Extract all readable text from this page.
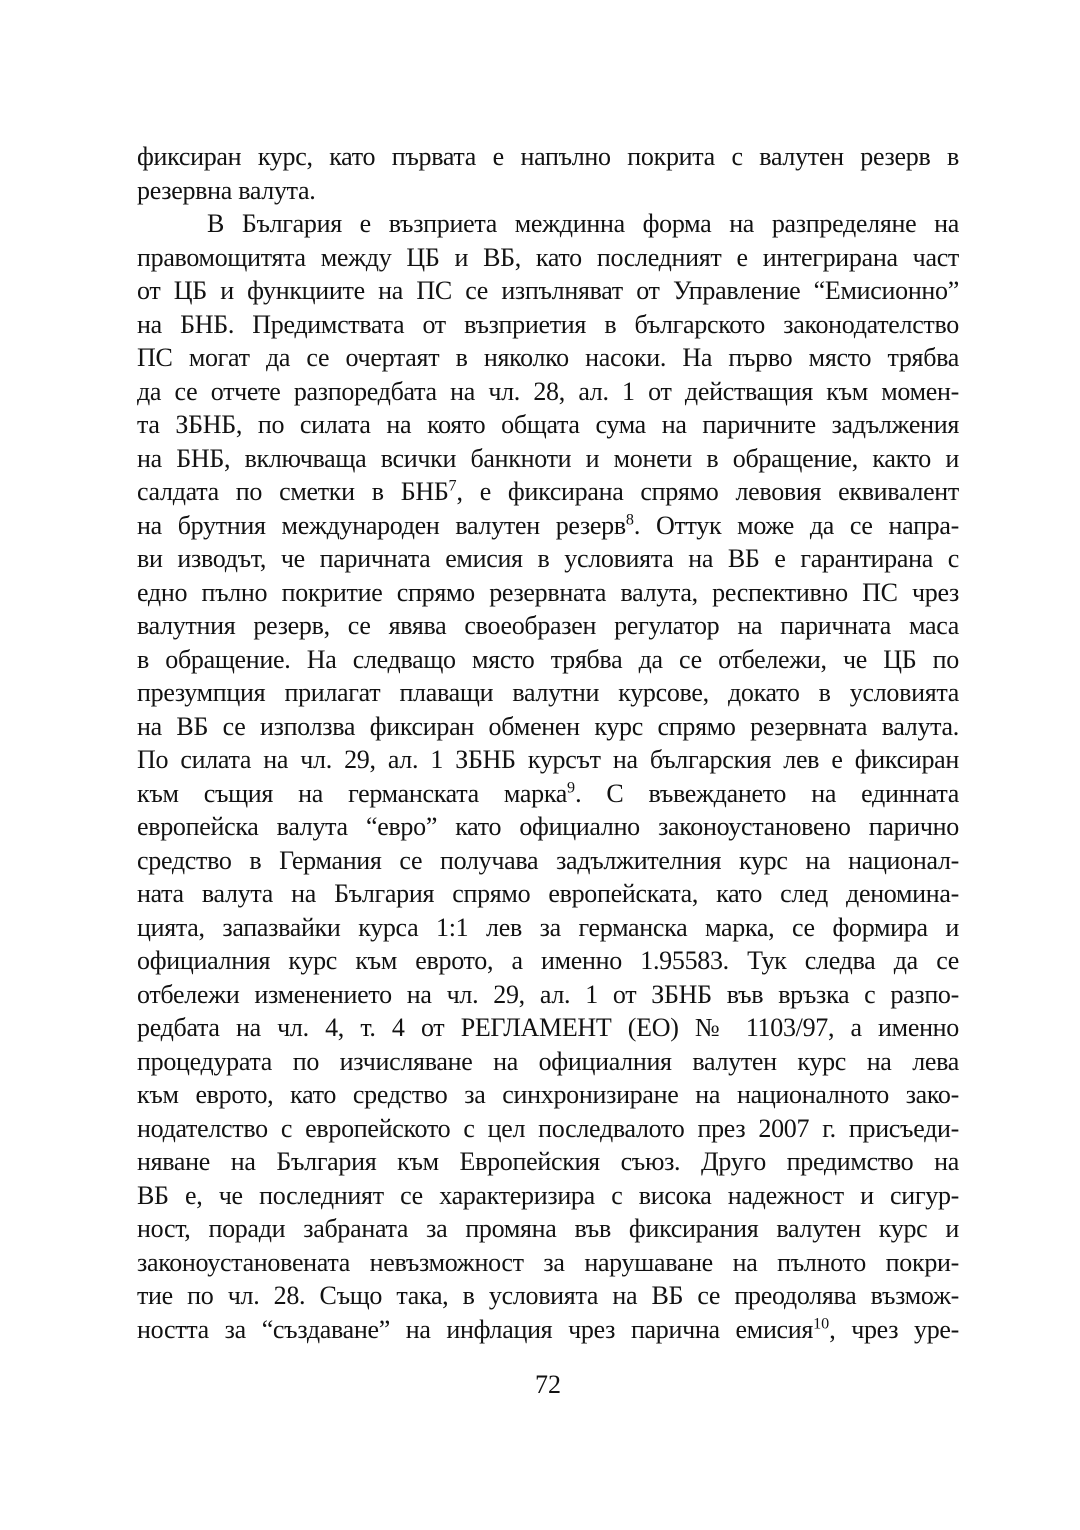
фиксиран курс, като първата е напълно покрита с валутен резерв в
резервна валута.
В България е възприета междинна форма на разпределяне на
правомощитята между ЦБ и ВБ, като последният е интегрирана част
от ЦБ и функциите на ПС се изпълняват от Управление “Емисионно”
на БНБ. Предимствата от възприетия в българското законодателство
ПС могат да се очертаят в няколко насоки. На първо място трябва
да се отчете разпоредбата на чл. 28, ал. 1 от действащия към момен-
та ЗБНБ, по силата на която общата сума на паричните задължения
на БНБ, включваща всички банкноти и монети в обращение, както и
салдата по сметки в БНБ$^7$, е фиксирана спрямо левовия еквивалент
на брутния международен валутен резерв$^8$. Оттук може да се напра-
ви изводът, че паричната емисия в условията на ВБ е гарантирана с
едно пълно покритие спрямо резервната валута, респективно ПС чрез
валутния резерв, се явява своеобразен регулатор на паричната маса
в обращение. На следващо място трябва да се отбележи, че ЦБ по
презумпция прилагат плаващи валутни курсове, докато в условията
на ВБ се използва фиксиран обменен курс спрямо резервната валута.
По силата на чл. 29, ал. 1 ЗБНБ курсът на българския лев е фиксиран
към същия на германската марка$^9$. С въвеждането на единната
европейска валута “евро” като официално законоустановено парично
средство в Германия се получава задължителния курс на национал-
ната валута на България спрямо европейската, като след деномина-
цията, запазвайки курса 1:1 лев за германска марка, се формира и
официалния курс към еврото, а именно 1.95583. Тук следва да се
отбележи изменението на чл. 29, ал. 1 от ЗБНБ във връзка с разпо-
редбата на чл. 4, т. 4 от РЕГЛАМЕНТ (ЕО) № 1103/97, а именно
процедурата по изчисляване на официалния валутен курс на лева
към еврото, като средство за синхронизиране на националното зако-
нодателство с европейското с цел последвалото през 2007 г. присъеди-
няване на България към Европейския съюз. Друго предимство на
ВБ е, че последният се характеризира с висока надежност и сигур-
ност, поради забраната за промяна във фиксирания валутен курс и
законоустановената невъзможност за нарушаване на пълното покри-
тие по чл. 28. Също така, в условията на ВБ се преодолява възмож-
ността за “създаване” на инфлация чрез парична емисия$^{10}$, чрез уре-
72
